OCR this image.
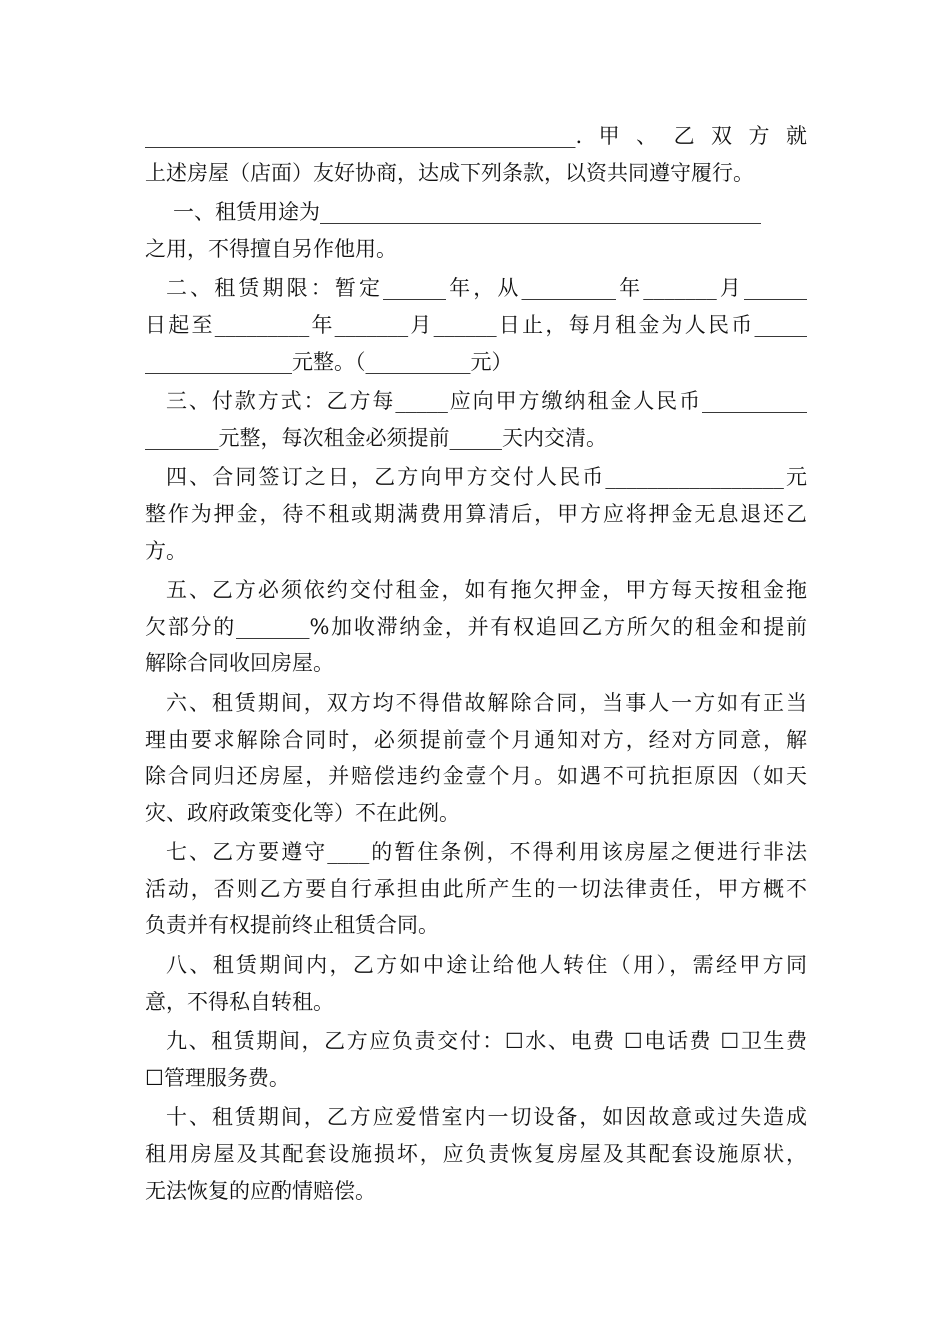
_________________________________________.甲、乙双方就
上述房屋（店面）友好协商，达成下列条款，以资共同遵守履行。
一、租赁用途为__________________________________________
之用，不得擅自另作他用。
二、租赁期限：暂定______年，从_________年_______月______
日起至_________年_______月______日止，每月租金为人民币_____
______________元整。（__________元）
三、付款方式：乙方每_____应向甲方缴纳租金人民币__________
_______元整，每次租金必须提前_____天内交清。
四、合同签订之日，乙方向甲方交付人民币_________________元
整作为押金，待不租或期满费用算清后，甲方应将押金无息退还乙
方。
五、乙方必须依约交付租金，如有拖欠押金，甲方每天按租金拖
欠部分的_______%加收滞纳金，并有权追回乙方所欠的租金和提前
解除合同收回房屋。
六、租赁期间，双方均不得借故解除合同，当事人一方如有正当
理由要求解除合同时，必须提前壹个月通知对方，经对方同意，解
除合同归还房屋，并赔偿违约金壹个月。如遇不可抗拒原因（如天
灾、政府政策变化等）不在此例。
七、乙方要遵守____的暂住条例，不得利用该房屋之便进行非法
活动，否则乙方要自行承担由此所产生的一切法律责任，甲方概不
负责并有权提前终止租赁合同。
八、租赁期间内，乙方如中途让给他人转住（用），需经甲方同
意，不得私自转租。
九、租赁期间，乙方应负责交付：☐水、电费 ☐电话费 ☐卫生费
☐管理服务费。
十、租赁期间，乙方应爱惜室内一切设备，如因故意或过失造成
租用房屋及其配套设施损坏，应负责恢复房屋及其配套设施原状，
无法恢复的应酌情赔偿。
